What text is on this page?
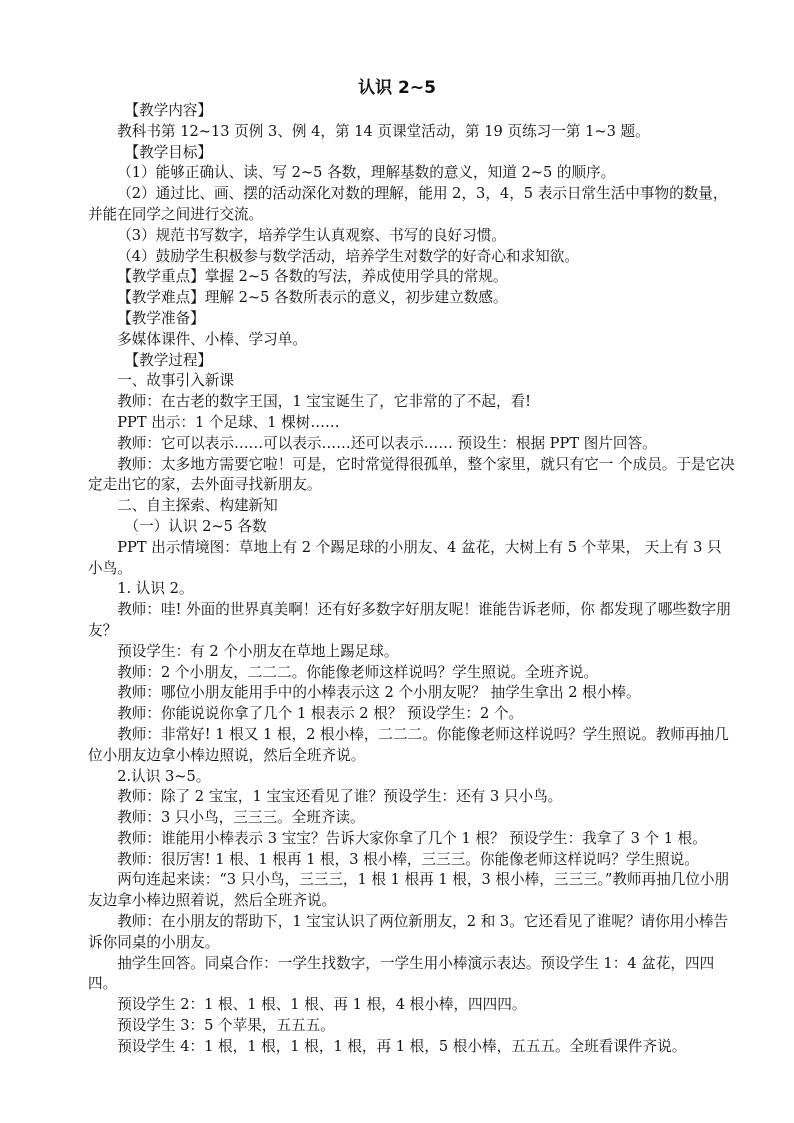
认识 2~5
【教学内容】
教科书第 12~13 页例 3、例 4，第 14 页课堂活动，第 19 页练习一第 1~3 题。
【教学目标】
（1）能够正确认、读、写 2~5 各数，理解基数的意义，知道 2~5 的顺序。
（2）通过比、画、摆的活动深化对数的理解，能用 2，3，4，5 表示日常生活中事物的数量，并能在同学之间进行交流。
（3）规范书写数字，培养学生认真观察、书写的良好习惯。
（4）鼓励学生积极参与数学活动，培养学生对数学的好奇心和求知欲。
【教学重点】掌握 2~5 各数的写法，养成使用学具的常规。
【教学难点】理解 2~5 各数所表示的意义，初步建立数感。
【教学准备】
多媒体课件、小棒、学习单。
【教学过程】
一、故事引入新课
教师：在古老的数字王国，1 宝宝诞生了，它非常的了不起，看!
PPT 出示：1 个足球、1 棵树……
教师：它可以表示……可以表示……还可以表示…… 预设生：根据 PPT 图片回答。
教师：太多地方需要它啦！可是，它时常觉得很孤单，整个家里，就只有它一 个成员。于是它决定走出它的家，去外面寻找新朋友。
二、自主探索、构建新知
（一）认识 2~5 各数
PPT 出示情境图：草地上有 2 个踢足球的小朋友、4 盆花，大树上有 5 个苹果， 天上有 3 只小鸟。
1. 认识 2。
教师：哇! 外面的世界真美啊！还有好多数字好朋友呢！谁能告诉老师，你 都发现了哪些数字朋友？
预设学生：有 2 个小朋友在草地上踢足球。
教师：2 个小朋友，二二二。你能像老师这样说吗？学生照说。全班齐说。
教师：哪位小朋友能用手中的小棒表示这 2 个小朋友呢？ 抽学生拿出 2 根小棒。
教师：你能说说你拿了几个 1 根表示 2 根？ 预设学生：2 个。
教师：非常好! 1 根又 1 根，2 根小棒，二二二。你能像老师这样说吗？学生照说。教师再抽几位小朋友边拿小棒边照说，然后全班齐说。
2.认识 3~5。
教师：除了 2 宝宝，1 宝宝还看见了谁？预设学生：还有 3 只小鸟。
教师：3 只小鸟，三三三。全班齐读。
教师：谁能用小棒表示 3 宝宝？告诉大家你拿了几个 1 根？ 预设学生：我拿了 3 个 1 根。
教师：很厉害! 1 根、1 根再 1 根，3 根小棒，三三三。你能像老师这样说吗？学生照说。
两句连起来读：“3 只小鸟，三三三，1 根 1 根再 1 根，3 根小棒，三三三。”教师再抽几位小朋友边拿小棒边照着说，然后全班齐说。
教师：在小朋友的帮助下，1 宝宝认识了两位新朋友，2 和 3。它还看见了谁呢？请你用小棒告诉你同桌的小朋友。
抽学生回答。同桌合作：一学生找数字，一学生用小棒演示表达。预设学生 1：4 盆花，四四四。
预设学生 2：1 根、1 根、1 根、再 1 根，4 根小棒，四四四。
预设学生 3：5 个苹果，五五五。
预设学生 4：1 根，1 根，1 根，1 根，再 1 根，5 根小棒，五五五。全班看课件齐说。
